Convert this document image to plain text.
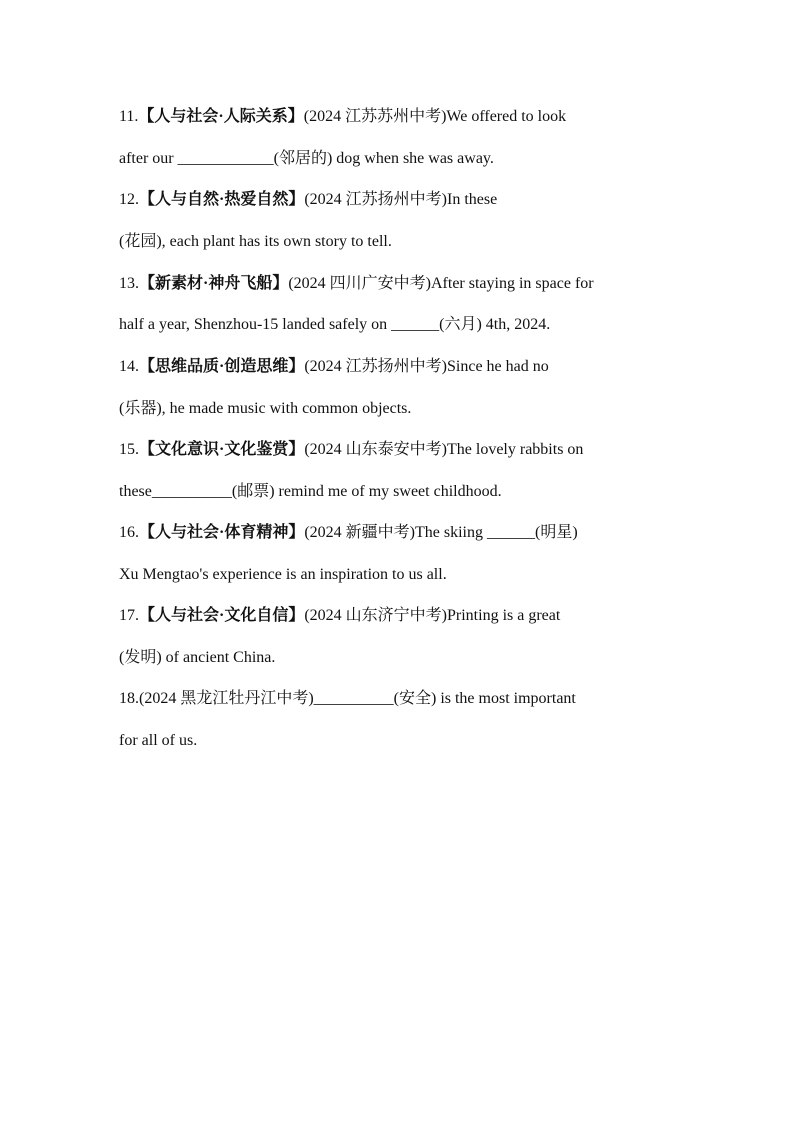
11.【人与社会·人际关系】(2024 江苏苏州中考)We offered to look
after our ____________(邻居的) dog when she was away.
12.【人与自然·热爱自然】(2024 江苏扬州中考)In these
(花园), each plant has its own story to tell.
13.【新素材·神舟飞船】(2024 四川广安中考)After staying in space for
half a year, Shenzhou-15 landed safely on ______(六月) 4th, 2024.
14.【思维品质·创造思维】(2024 江苏扬州中考)Since he had no
(乐器), he made music with common objects.
15.【文化意识·文化鉴赏】(2024 山东泰安中考)The lovely rabbits on
these__________(邮票) remind me of my sweet childhood.
16.【人与社会·体育精神】(2024 新疆中考)The skiing ______(明星)
Xu Mengtao's experience is an inspiration to us all.
17.【人与社会·文化自信】(2024 山东济宁中考)Printing is a great
(发明) of ancient China.
18.(2024 黑龙江牡丹江中考)__________(安全) is the most important
for all of us.
